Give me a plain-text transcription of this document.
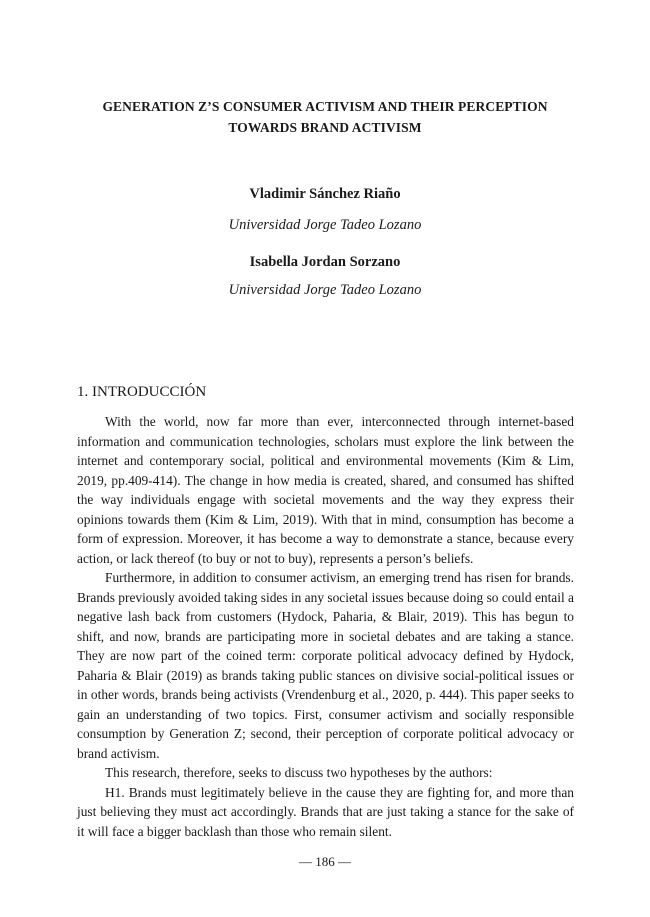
GENERATION Z’S CONSUMER ACTIVISM AND THEIR PERCEPTION
TOWARDS BRAND ACTIVISM
Vladimir Sánchez Riaño
Universidad Jorge Tadeo Lozano
Isabella Jordan Sorzano
Universidad Jorge Tadeo Lozano
1. INTRODUCCIÓN

With the world, now far more than ever, interconnected through internet-based information and communication technologies, scholars must explore the link between the internet and contemporary social, political and environmental movements (Kim & Lim, 2019, pp.409-414). The change in how media is created, shared, and consumed has shifted the way individuals engage with societal movements and the way they express their opinions towards them (Kim & Lim, 2019). With that in mind, consumption has become a form of expression. Moreover, it has become a way to demonstrate a stance, because every action, or lack thereof (to buy or not to buy), represents a person’s beliefs.

Furthermore, in addition to consumer activism, an emerging trend has risen for brands. Brands previously avoided taking sides in any societal issues because doing so could entail a negative lash back from customers (Hydock, Paharia, & Blair, 2019). This has begun to shift, and now, brands are participating more in societal debates and are taking a stance. They are now part of the coined term: corporate political advocacy defined by Hydock, Paharia & Blair (2019) as brands taking public stances on divisive social-political issues or in other words, brands being activists (Vrendenburg et al., 2020, p. 444). This paper seeks to gain an understanding of two topics. First, consumer activism and socially responsible consumption by Generation Z; second, their perception of corporate political advocacy or brand activism.

This research, therefore, seeks to discuss two hypotheses by the authors:

H1. Brands must legitimately believe in the cause they are fighting for, and more than just believing they must act accordingly. Brands that are just taking a stance for the sake of it will face a bigger backlash than those who remain silent.

— 186 —
